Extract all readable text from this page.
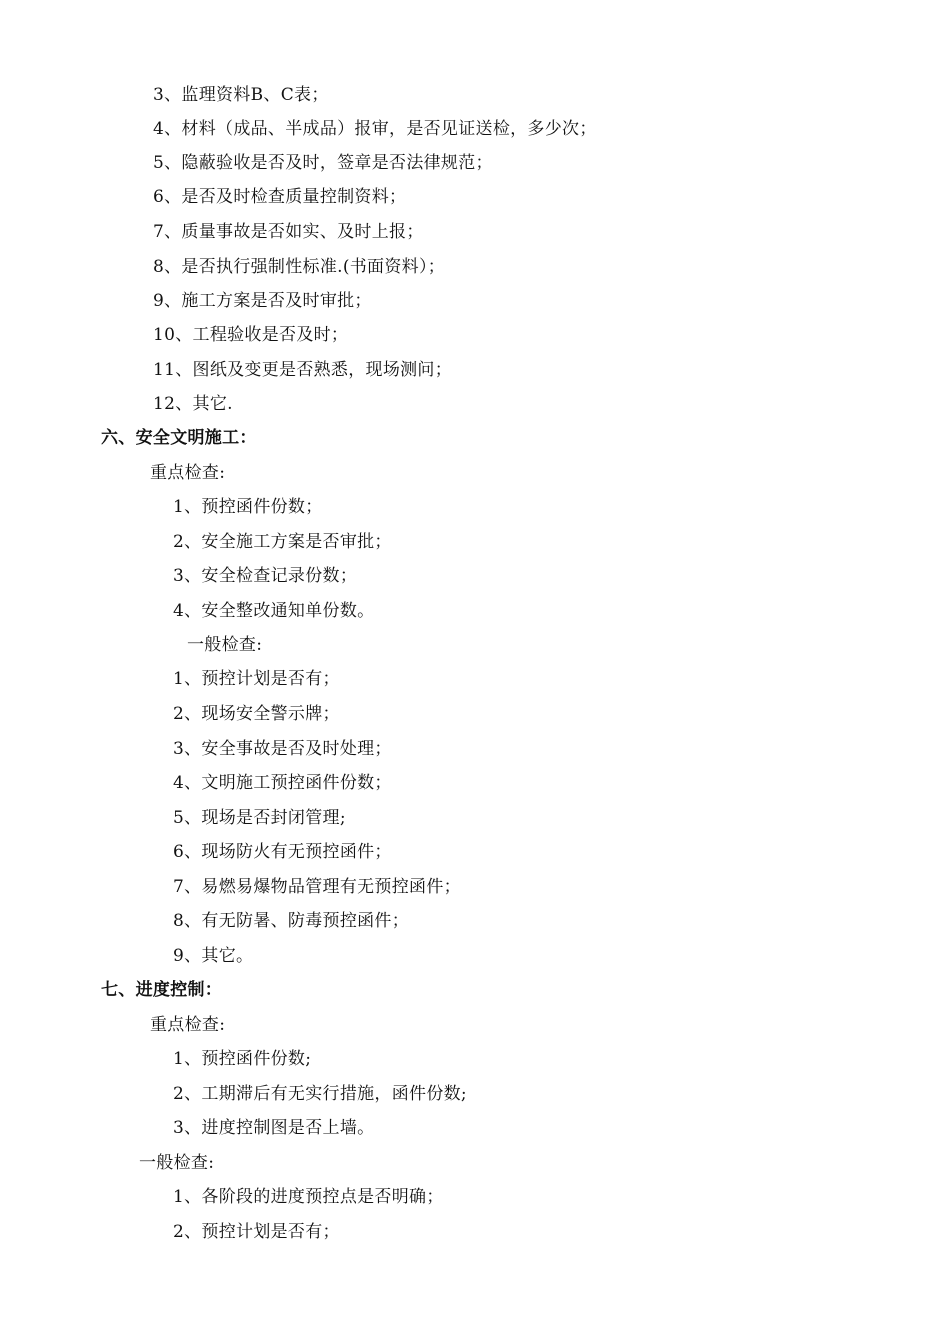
3、监理资料B、C表；
4、材料（成品、半成品）报审，是否见证送检，多少次；
5、隐蔽验收是否及时，签章是否法律规范；
6、是否及时检查质量控制资料；
7、质量事故是否如实、及时上报；
8、是否执行强制性标准.(书面资料）；
9、施工方案是否及时审批；
10、工程验收是否及时；
11、图纸及变更是否熟悉，现场测问；
12、其它.
六、安全文明施工：
重点检查:
1、预控函件份数；
2、安全施工方案是否审批；
3、安全检查记录份数；
4、安全整改通知单份数。
一般检查:
1、预控计划是否有；
2、现场安全警示牌；
3、安全事故是否及时处理；
4、文明施工预控函件份数；
5、现场是否封闭管理;
6、现场防火有无预控函件；
7、易燃易爆物品管理有无预控函件；
8、有无防暑、防毒预控函件；
9、其它。
七、进度控制：
重点检查:
1、预控函件份数;
2、工期滞后有无实行措施，函件份数;
3、进度控制图是否上墙。
一般检查:
1、各阶段的进度预控点是否明确；
2、预控计划是否有；
